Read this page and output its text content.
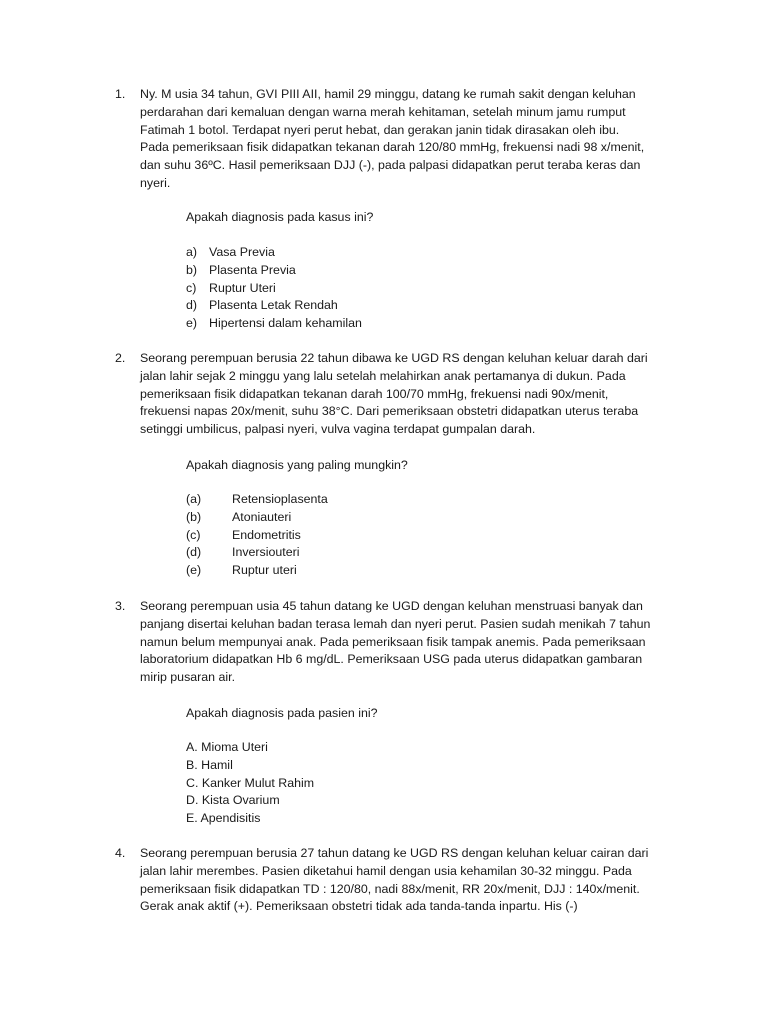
1. Ny. M usia 34 tahun, GVI PIII AII, hamil 29 minggu, datang ke rumah sakit dengan keluhan
perdarahan dari kemaluan dengan warna merah kehitaman, setelah minum jamu rumput
Fatimah 1 botol. Terdapat nyeri perut hebat, dan gerakan janin tidak dirasakan oleh ibu.
Pada pemeriksaan fisik didapatkan tekanan darah 120/80 mmHg, frekuensi nadi 98 x/menit,
dan suhu 36ºC. Hasil pemeriksaan DJJ (-), pada palpasi didapatkan perut teraba keras dan
nyeri.

Apakah diagnosis pada kasus ini?
a) Vasa Previa
b) Plasenta Previa
c) Ruptur Uteri
d) Plasenta Letak Rendah
e) Hipertensi dalam kehamilan
2. Seorang perempuan berusia 22 tahun dibawa ke UGD RS dengan keluhan keluar darah dari
jalan lahir sejak 2 minggu yang lalu setelah melahirkan anak pertamanya di dukun. Pada
pemeriksaan fisik didapatkan tekanan darah 100/70 mmHg, frekuensi nadi 90x/menit,
frekuensi napas 20x/menit, suhu 38°C. Dari pemeriksaan obstetri didapatkan uterus teraba
setinggi umbilicus, palpasi nyeri, vulva vagina terdapat gumpalan darah.

Apakah diagnosis yang paling mungkin?
(a) Retensioplasenta
(b) Atoniauteri
(c)	Endometritis
(d) Inversiouteri
(e) Ruptur uteri
3. Seorang perempuan usia 45 tahun datang ke UGD dengan keluhan menstruasi banyak dan
panjang disertai keluhan badan terasa lemah dan nyeri perut. Pasien sudah menikah 7 tahun
namun belum mempunyai anak. Pada pemeriksaan fisik tampak anemis. Pada pemeriksaan
laboratorium didapatkan Hb 6 mg/dL. Pemeriksaan USG pada uterus didapatkan gambaran
mirip pusaran air.

Apakah diagnosis pada pasien ini?
A. Mioma Uteri
B. Hamil
C. Kanker Mulut Rahim
D. Kista Ovarium
E. Apendisitis
4. Seorang perempuan berusia 27 tahun datang ke UGD RS dengan keluhan keluar cairan dari
jalan lahir merembes. Pasien diketahui hamil dengan usia kehamilan 30-32 minggu. Pada
pemeriksaan fisik didapatkan TD : 120/80, nadi 88x/menit, RR 20x/menit, DJJ : 140x/menit.
Gerak anak aktif (+). Pemeriksaan obstetri tidak ada tanda-tanda inpartu. His (-)
